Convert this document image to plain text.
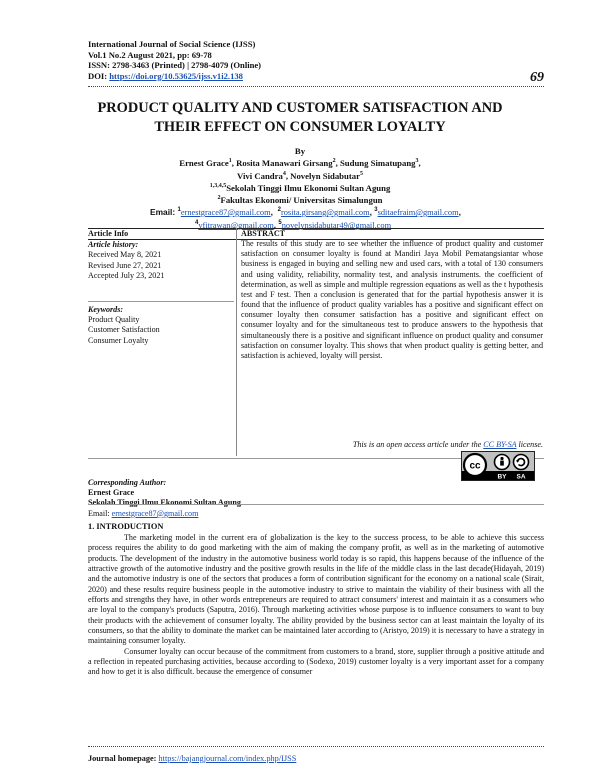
International Journal of Social Science (IJSS)
Vol.1 No.2 August 2021, pp: 69-78
ISSN: 2798-3463 (Printed) | 2798-4079 (Online)
DOI: https://doi.org/10.53625/ijss.v1i2.138	69
PRODUCT QUALITY AND CUSTOMER SATISFACTION AND
THEIR EFFECT ON CONSUMER LOYALTY
By
Ernest Grace$^1$, Rosita Manawari Girsang$^2$, Sudung Simatupang$^3$,
Vivi Candra$^4$, Novelyn Sidabutar$^5$
$^{1,3,4,5}$Sekolah Tinggi Ilmu Ekonomi Sultan Agung
$^2$Fakultas Ekonomi/ Universitas Simalungun
Email: $^1$ernestgrace87@gmail.com,  $^2$rosita.girsang@gmail.com, $^3$sditaefraim@gmail.com,
$^4$vfitrawan@gmail.com, $^5$novelynsidabutar49@gmail.com
Article Info
Article history:
Received May 8, 2021
Revised June 27, 2021
Accepted July 23, 2021
Keywords:
Product Quality
Customer Satisfaction
Consumer Loyalty
ABSTRACT
The results of this study are to see whether the influence of product quality and customer satisfaction on consumer loyalty is found at Mandiri Jaya Mobil Pematangsiantar whose business is engaged in buying and selling new and used cars, with a total of 130 consumers and using validity, reliability, normality test, and analysis instruments. the coefficient of determination, as well as simple and multiple regression equations as well as the t hypothesis test and F test. Then a conclusion is generated that for the partial hypothesis answer it is found that the influence of product quality variables has a positive and significant effect on consumer loyalty then consumer satisfaction has a positive and significant effect on consumer loyalty and for the simultaneous test to produce answers to the hypothesis that simultaneously there is a positive and significant influence on product quality and consumer satisfaction on consumer loyalty. This shows that when product quality is getting better, and satisfaction is achieved, loyalty will persist.
This is an open access article under the CC BY-SA license.
cc
BY SA
Corresponding Author:
Ernest Grace
Sekolah Tinggi Ilmu Ekonomi Sultan Agung
Email: ernestgrace87@gmail.com
1. INTRODUCTION

The marketing model in the current era of globalization is the key to the success process, to be able to achieve this success process requires the ability to do good marketing with the aim of making the company profit, as well as in the marketing of automotive products. The development of the industry in the automotive business world today is so rapid, this happens because of the influence of the attractive growth of the automotive industry and the positive growth results in the life of the middle class in the last decade(Hidayah, 2019) and the automotive industry is one of the sectors that produces a form of contribution significant for the economy on a national scale (Sirait, 2020) and these results require business people in the automotive industry to strive to maintain the viability of their business with all the efforts and strengths they have, in other words entrepreneurs are required to attract consumers' interest and maintain it as a consumers who are loyal to the company's products (Saputra, 2016). Through marketing activities whose purpose is to influence consumers to want to buy their products with the achievement of consumer loyalty. The ability provided by the business sector can at least maintain the loyalty of its consumers, so that the ability to dominate the market can be maintained later according to (Aristyo, 2019) it is necessary to have a strategy in maintaining consumer loyalty.

Consumer loyalty can occur because of the commitment from customers to a brand, store, supplier through a positive attitude and a reflection in repeated purchasing activities, because according to (Sodexo, 2019) customer loyalty is a very important asset for a company and how to get it is also difficult. because the emergence of consumer

Journal homepage: https://bajangjournal.com/index.php/IJSS
